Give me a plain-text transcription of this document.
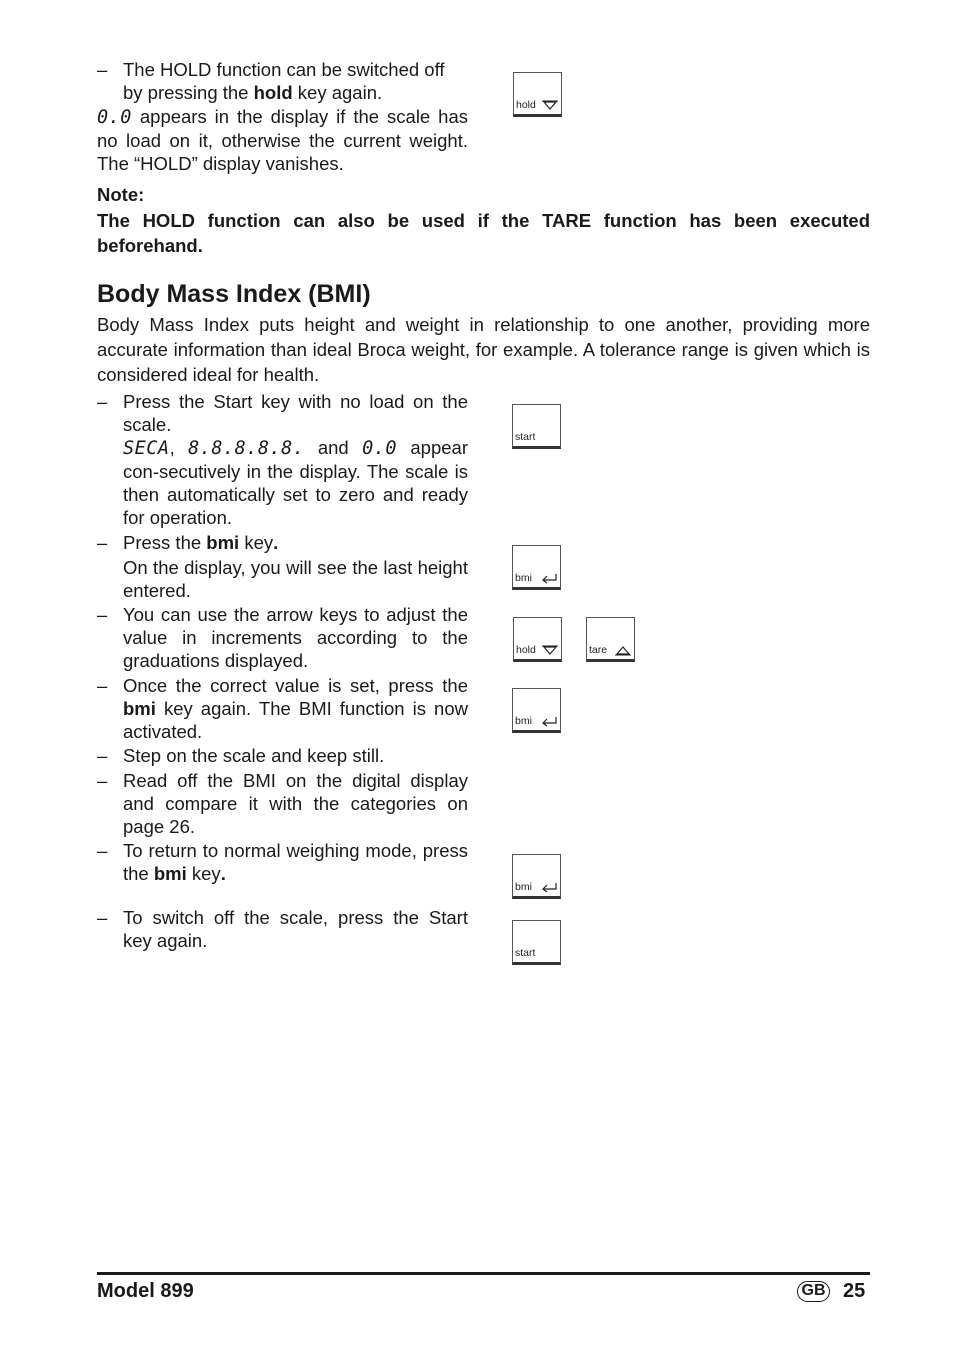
– The HOLD function can be switched off by pressing the hold key again.
0.0 appears in the display if the scale has no load on it, otherwise the current weight. The “HOLD” display vanishes.
Note:
The HOLD function can also be used if the TARE function has been executed beforehand.
hold
Body Mass Index (BMI)
Body Mass Index puts height and weight in relationship to one another, providing more accurate information than ideal Broca weight, for example. A tolerance range is given which is considered ideal for health.
– Press the Start key with no load on the scale.
SECA, 8.8.8.8.8. and 0.0 appear con-secutively in the display. The scale is then automatically set to zero and ready for operation.
– Press the bmi key.
On the display, you will see the last height entered.
– You can use the arrow keys to adjust the value in increments according to the graduations displayed.
– Once the correct value is set, press the bmi key again. The BMI function is now activated.
– Step on the scale and keep still.
– Read off the BMI on the digital display and compare it with the categories on page 26.
– To return to normal weighing mode, press the bmi key.
– To switch off the scale, press the Start key again.
start
bmi
hold	tare
bmi
bmi
start
Model 899	GB 25
